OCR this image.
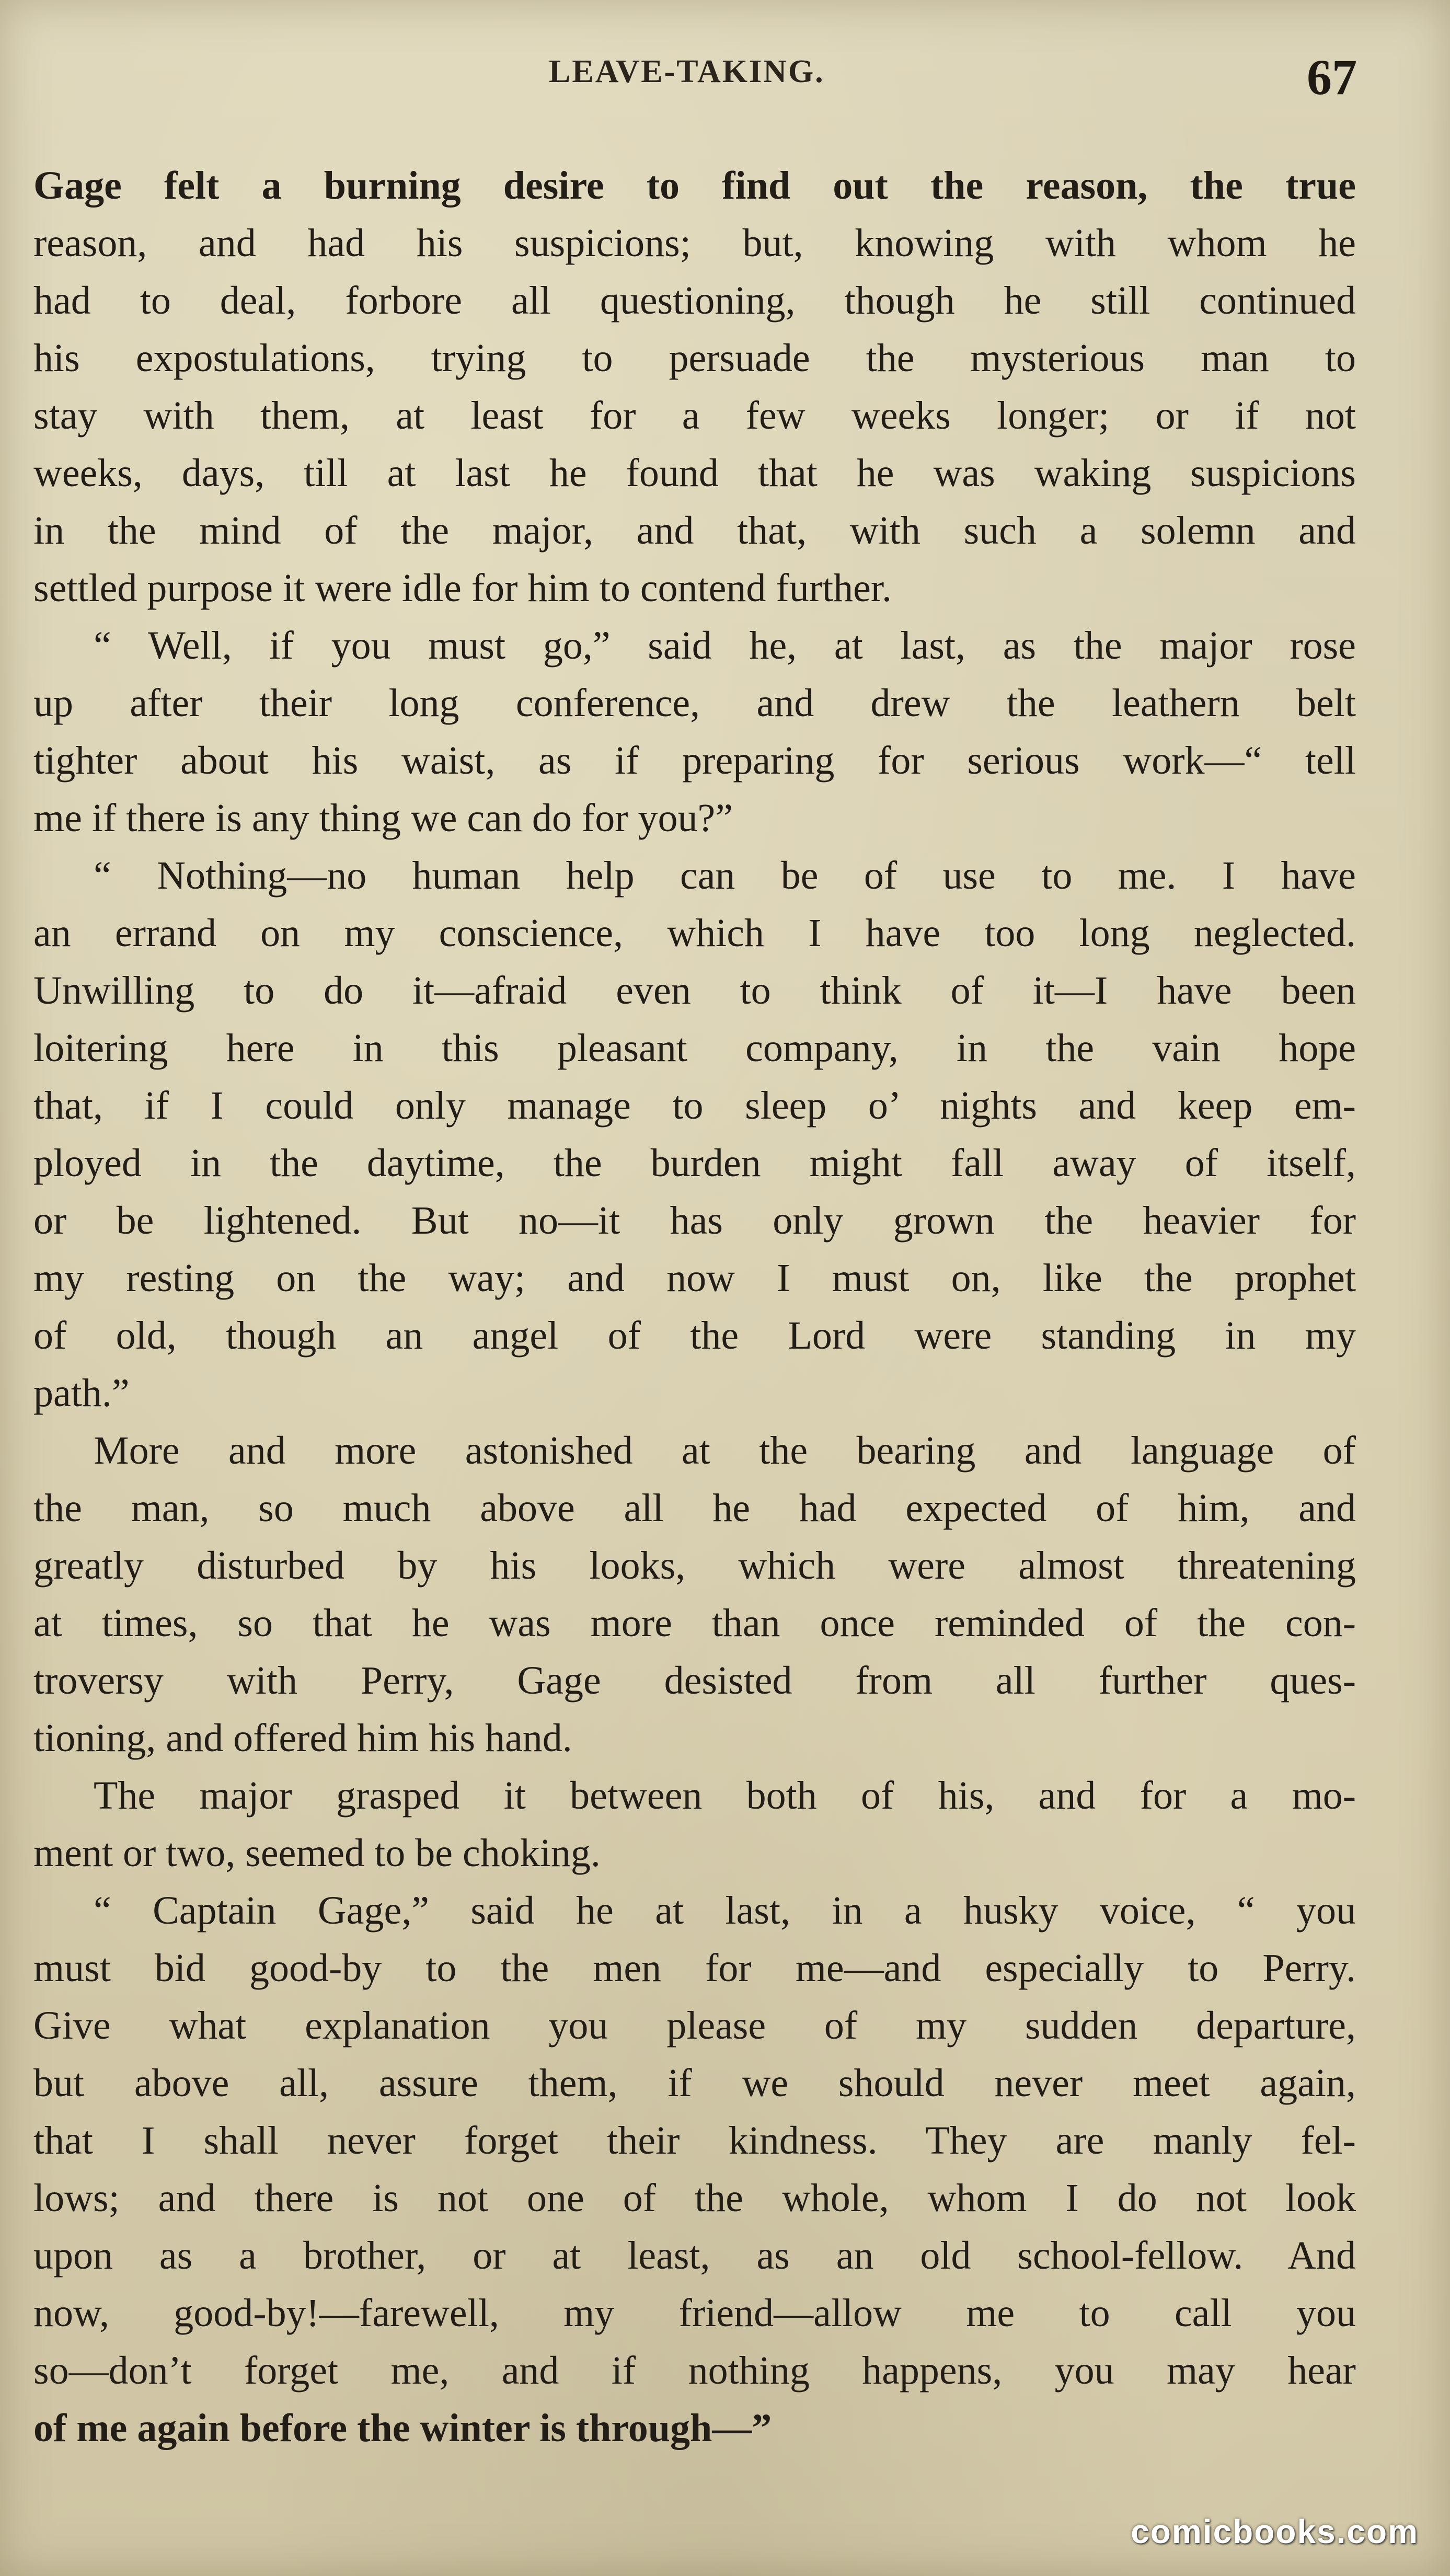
LEAVE-TAKING.	67
Gage felt a burning desire to find out the reason, the true
reason, and had his suspicions; but, knowing with whom he
had to deal, forbore all questioning, though he still continued
his expostulations, trying to persuade the mysterious man to
stay with them, at least for a few weeks longer; or if not
weeks, days, till at last he found that he was waking suspicions
in the mind of the major, and that, with such a solemn and
settled purpose it were idle for him to contend further.
“ Well, if you must go,” said he, at last, as the major rose
up after their long conference, and drew the leathern belt
tighter about his waist, as if preparing for serious work—“ tell
me if there is any thing we can do for you?”
“ Nothing—no human help can be of use to me. I have
an errand on my conscience, which I have too long neglected.
Unwilling to do it—afraid even to think of it—I have been
loitering here in this pleasant company, in the vain hope
that, if I could only manage to sleep o’ nights and keep em-
ployed in the daytime, the burden might fall away of itself,
or be lightened. But no—it has only grown the heavier for
my resting on the way; and now I must on, like the prophet
of old, though an angel of the Lord were standing in my
path.”
More and more astonished at the bearing and language of
the man, so much above all he had expected of him, and
greatly disturbed by his looks, which were almost threatening
at times, so that he was more than once reminded of the con-
troversy with Perry, Gage desisted from all further ques-
tioning, and offered him his hand.
The major grasped it between both of his, and for a mo-
ment or two, seemed to be choking.
“ Captain Gage,” said he at last, in a husky voice, “ you
must bid good-by to the men for me—and especially to Perry.
Give what explanation you please of my sudden departure,
but above all, assure them, if we should never meet again,
that I shall never forget their kindness. They are manly fel-
lows; and there is not one of the whole, whom I do not look
upon as a brother, or at least, as an old school-fellow. And
now, good-by!—farewell, my friend—allow me to call you
so—don’t forget me, and if nothing happens, you may hear
of me again before the winter is through—”
comicbooks.com
